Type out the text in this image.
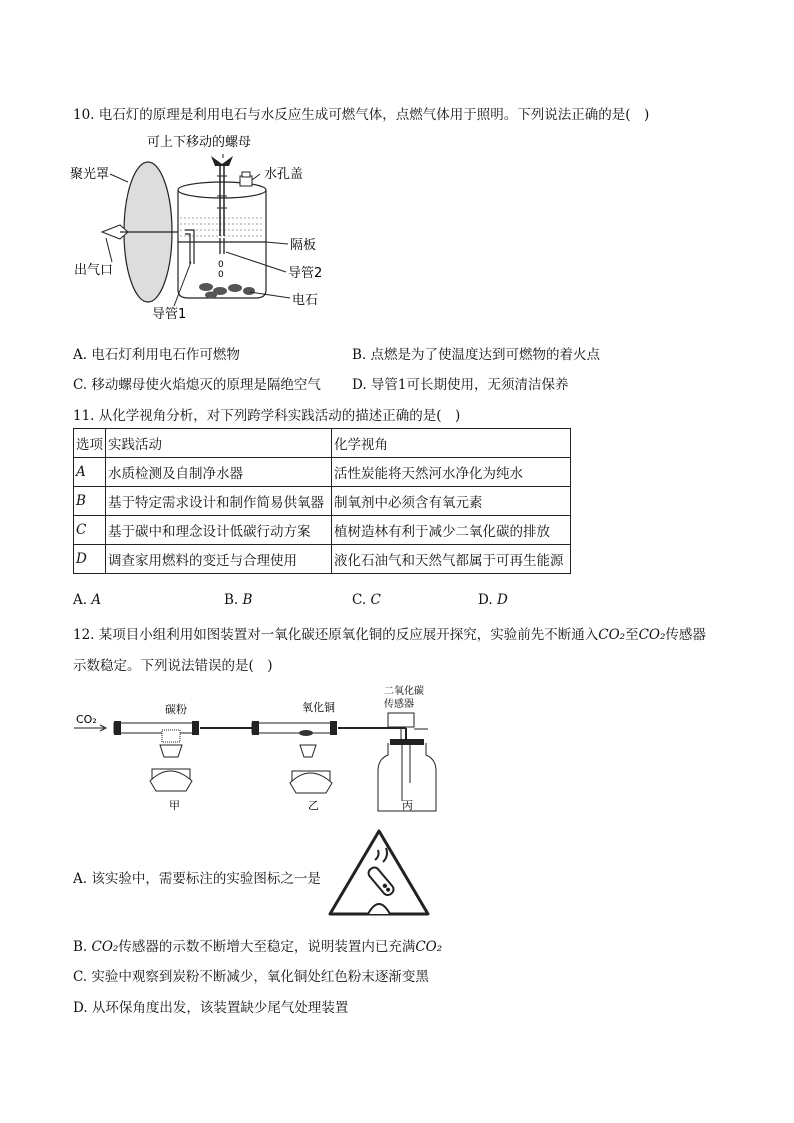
10. 电石灯的原理是利用电石与水反应生成可燃气体，点燃气体用于照明。下列说法正确的是(　)
0
0
可上下移动的螺母
聚光罩	水孔盖
隔板
出气口	导管2
电石
导管1
A. 电石灯利用电石作可燃物	B. 点燃是为了使温度达到可燃物的着火点
C. 移动螺母使火焰熄灭的原理是隔绝空气 D. 导管1可长期使用，无须清洁保养
11. 从化学视角分析，对下列跨学科实践活动的描述正确的是(　)
选项	实践活动	化学视角
A	水质检测及自制净水器	活性炭能将天然河水净化为纯水
B	基于特定需求设计和制作简易供氧器	制氧剂中必须含有氧元素
C	基于碳中和理念设计低碳行动方案	植树造林有利于减少二氧化碳的排放
D	调查家用燃料的变迁与合理使用	液化石油气和天然气都属于可再生能源
A. A	B. B	C. C	D. D
12. 某项目小组利用如图装置对一氧化碳还原氧化铜的反应展开探究，实验前先不断通入CO₂至CO₂传感器
示数稳定。下列说法错误的是(　)
CO₂
碳粉	氧化铜
二氧化碳
传感器
甲	乙	丙
A. 该实验中，需要标注的实验图标之一是
B. CO₂传感器的示数不断增大至稳定，说明装置内已充满CO₂
C. 实验中观察到炭粉不断减少，氧化铜处红色粉末逐渐变黑
D. 从环保角度出发，该装置缺少尾气处理装置
